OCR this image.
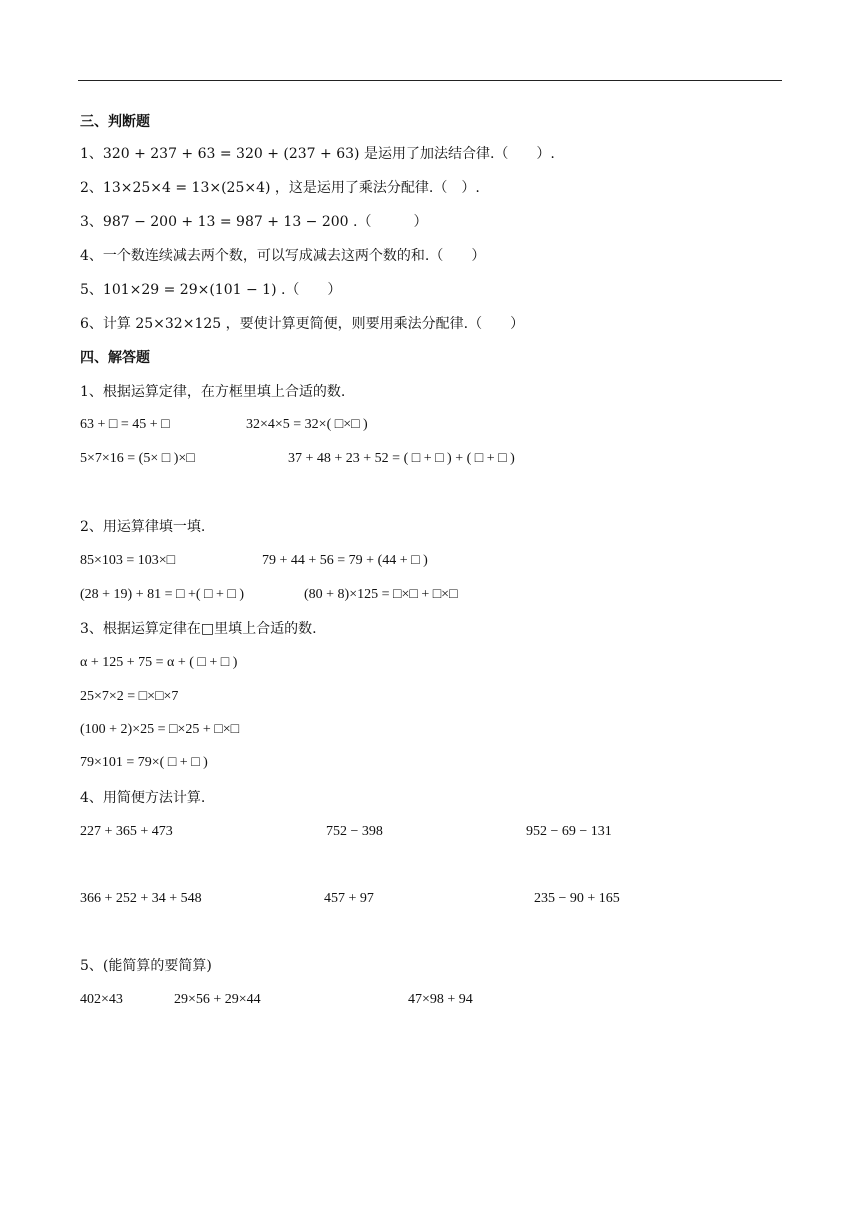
三、判断题
1、320 + 237 + 63 = 320 + (237 + 63) 是运用了加法结合律.（　　）.
2、13×25×4 = 13×(25×4) ，这是运用了乘法分配律.（　）.
3、987 − 200 + 13 = 987 + 13 − 200 .（　　　）
4、一个数连续减去两个数，可以写成减去这两个数的和.（　　）
5、101×29 = 29×(101 − 1) .（　　）
6、计算 25×32×125 ，要使计算更简便，则要用乘法分配律.（　　）
四、解答题
1、根据运算定律，在方框里填上合适的数.
63 + □ = 45 + □	32×4×5 = 32×( □×□ )
5×7×16 = (5× □ )×□	37 + 48 + 23 + 52 = ( □ + □ ) + ( □ + □ )
2、用运算律填一填.
85×103 = 103×□	79 + 44 + 56 = 79 + (44 + □ )
(28 + 19) + 81 = □ +( □ + □ )	(80 + 8)×125 = □×□ + □×□
3、根据运算定律在□里填上合适的数.
α + 125 + 75 = α + ( □ + □ )
25×7×2 = □×□×7
(100 + 2)×25 = □×25 + □×□
79×101 = 79×( □ + □ )
4、用简便方法计算.
227 + 365 + 473	752 − 398	952 − 69 − 131
366 + 252 + 34 + 548	457 + 97	235 − 90 + 165
5、(能简算的要简算)
402×43	29×56 + 29×44	47×98 + 94
